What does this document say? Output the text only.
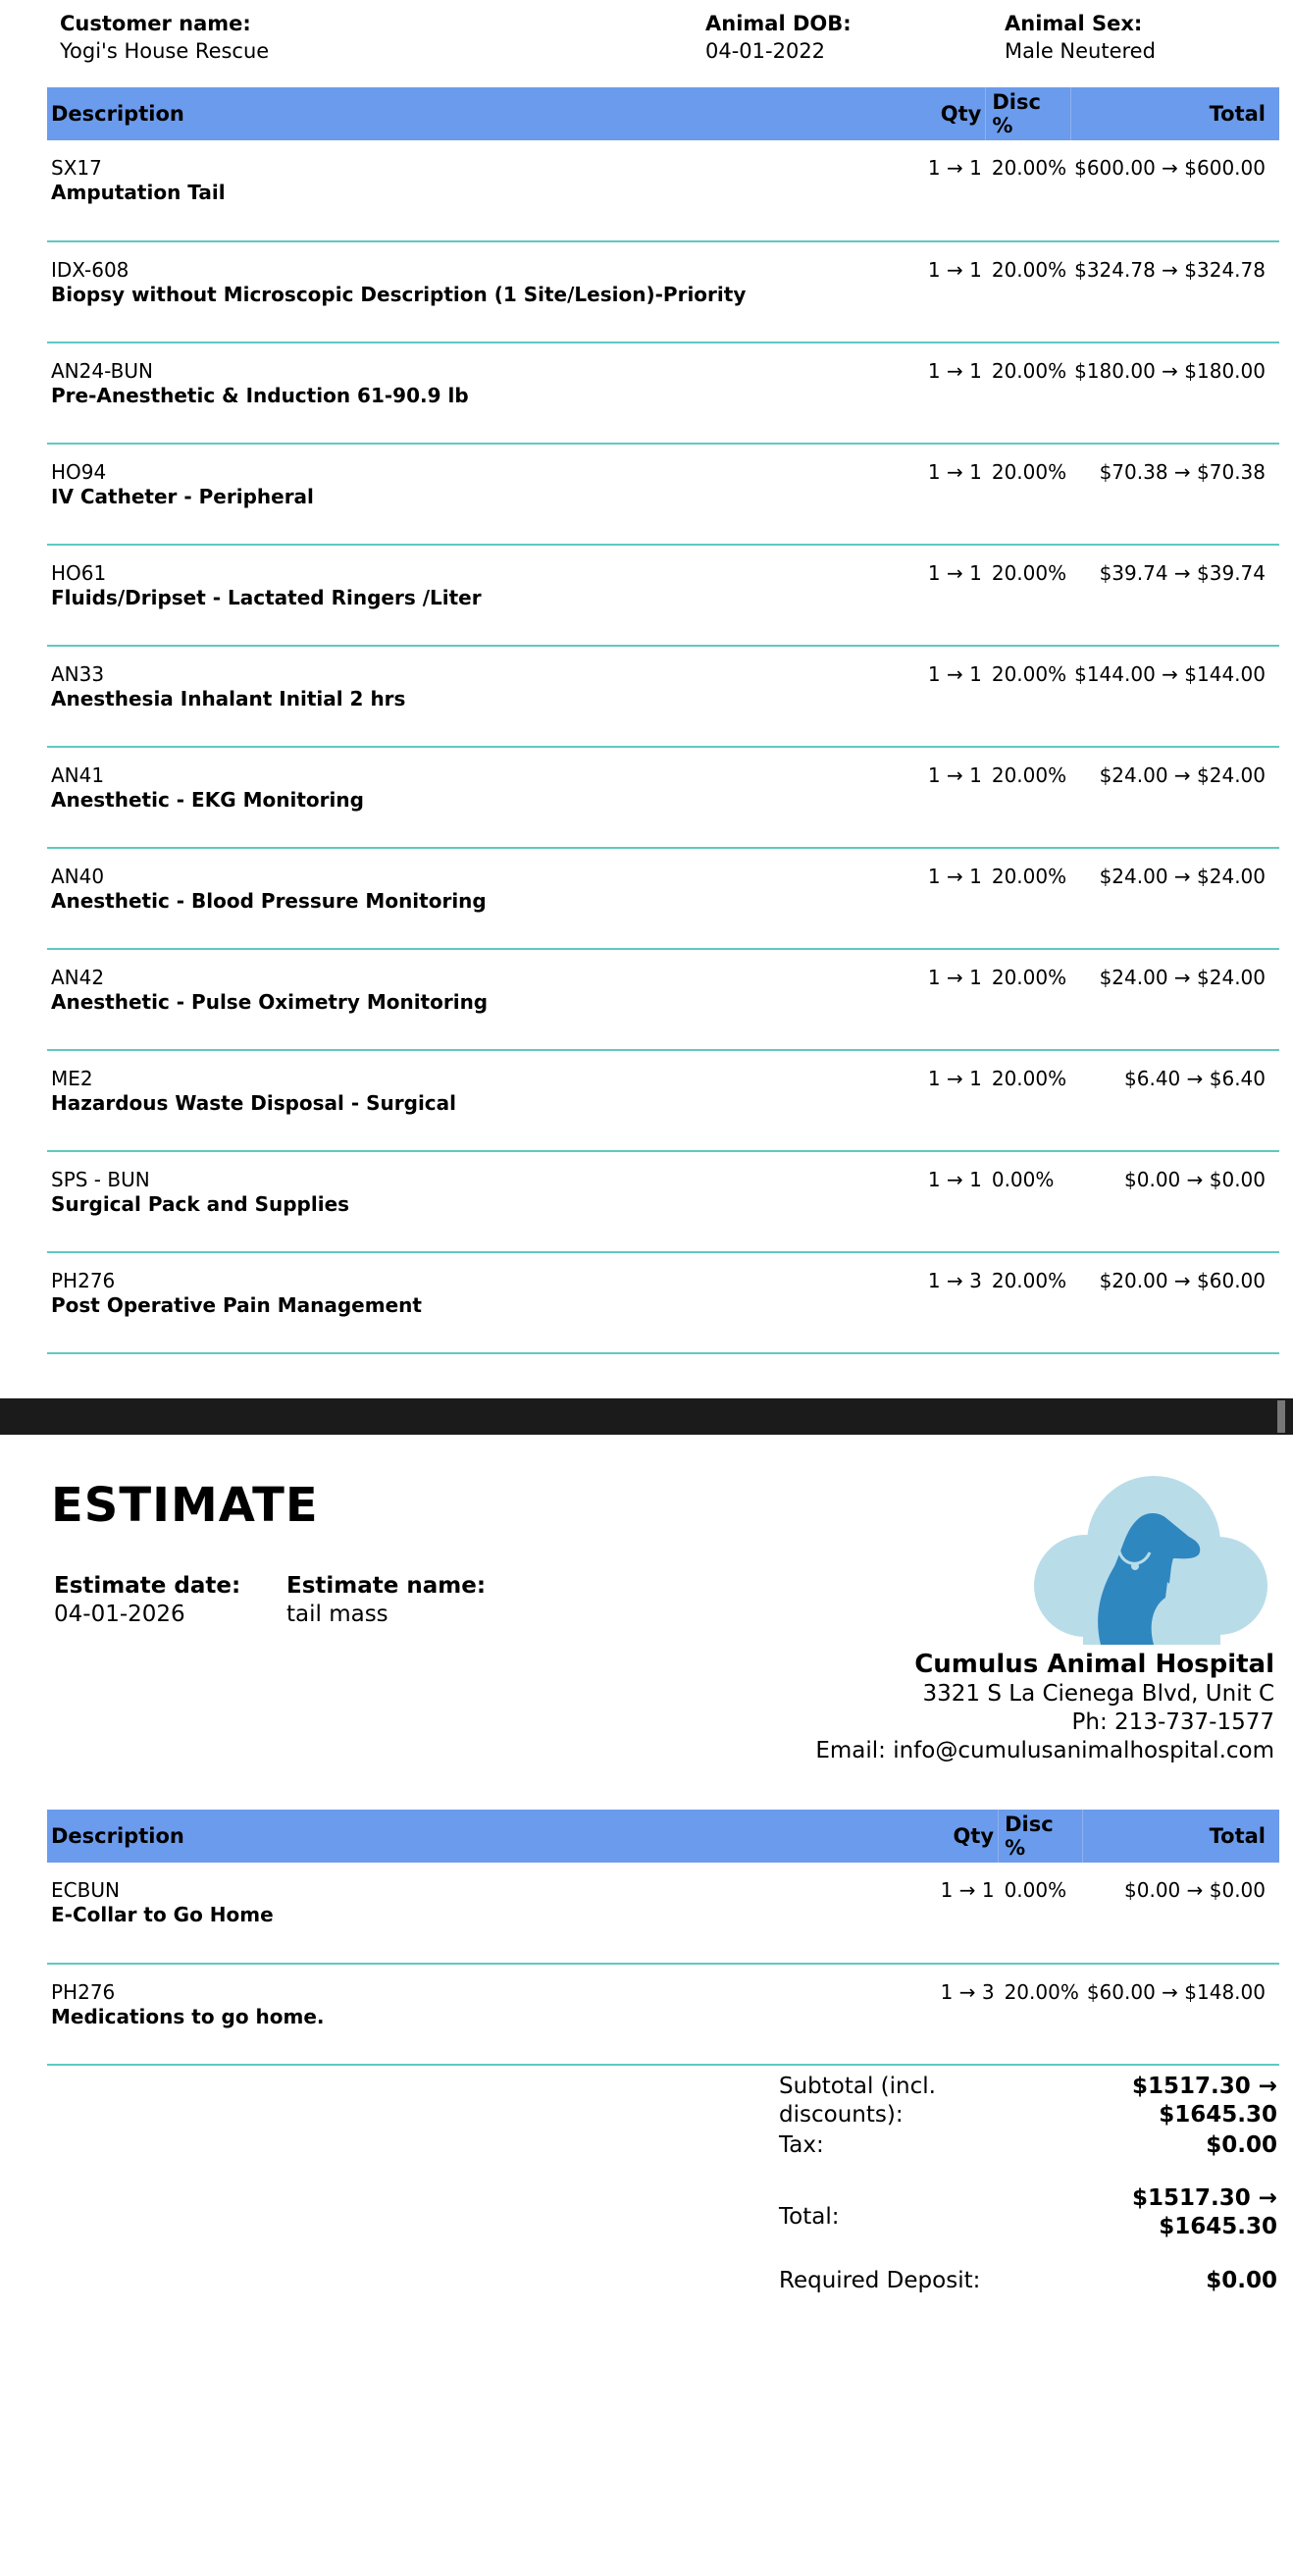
Customer name:
Yogi's House Rescue
Animal DOB:
04-01-2022
Animal Sex:
Male Neutered
Description	Qty	Disc %	Total

SX17
Amputation Tail	1 → 1	20.00%	$600.00 → $600.00

IDX-608
Biopsy without Microscopic Description (1 Site/Lesion)-Priority	1 → 1	20.00%	$324.78 → $324.78

AN24-BUN
Pre-Anesthetic & Induction 61-90.9 lb	1 → 1	20.00%	$180.00 → $180.00

HO94
IV Catheter - Peripheral	1 → 1	20.00%	$70.38 → $70.38

HO61
Fluids/Dripset - Lactated Ringers /Liter	1 → 1	20.00%	$39.74 → $39.74

AN33
Anesthesia Inhalant Initial 2 hrs	1 → 1	20.00%	$144.00 → $144.00

AN41
Anesthetic - EKG Monitoring	1 → 1	20.00%	$24.00 → $24.00

AN40
Anesthetic - Blood Pressure Monitoring	1 → 1	20.00%	$24.00 → $24.00

AN42
Anesthetic - Pulse Oximetry Monitoring	1 → 1	20.00%	$24.00 → $24.00

ME2
Hazardous Waste Disposal - Surgical	1 → 1	20.00%	$6.40 → $6.40

SPS - BUN
Surgical Pack and Supplies	1 → 1	0.00%	$0.00 → $0.00

PH276
Post Operative Pain Management	1 → 3	20.00%	$20.00 → $60.00
ESTIMATE
Estimate date:
04-01-2026
Estimate name:
tail mass
Cumulus Animal Hospital
3321 S La Cienega Blvd, Unit C
Ph: 213-737-1577
Email: info@cumulusanimalhospital.com
Description	Qty	Disc %	Total

ECBUN
E-Collar to Go Home	1 → 1	0.00%	$0.00 → $0.00

PH276
Medications to go home.	1 → 3	20.00%	$60.00 → $148.00
Subtotal (incl. discounts):
$1517.30 → $1645.30
Tax:	$0.00
Total:
$1517.30 → $1645.30
Required Deposit:	$0.00
